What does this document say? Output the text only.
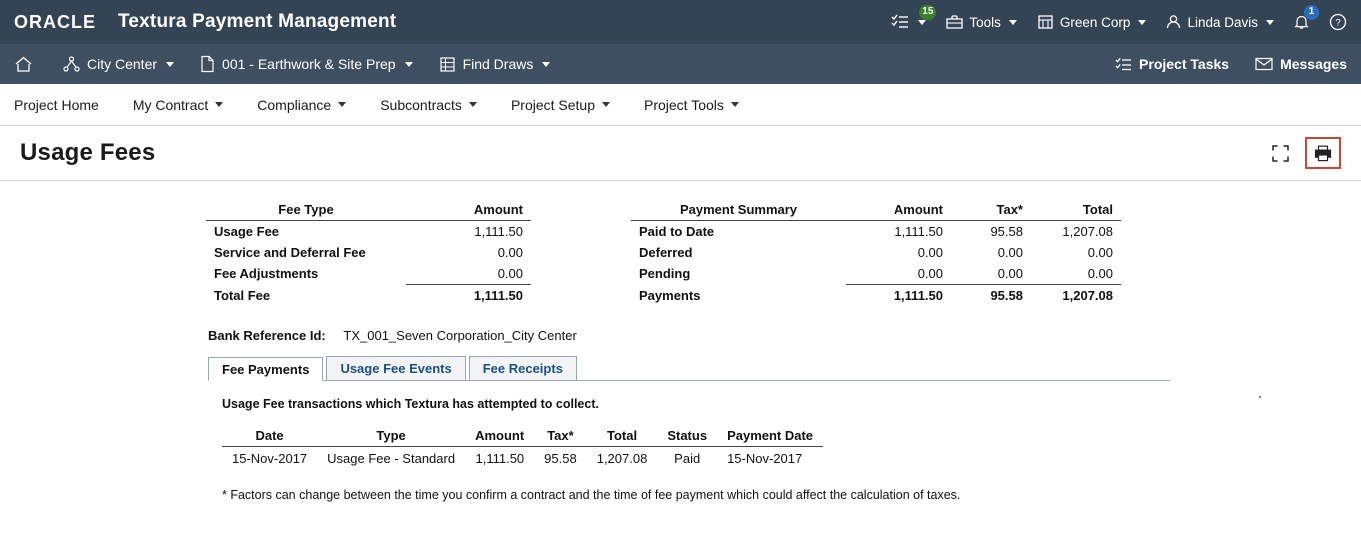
ORACLE Textura Payment Management	15
Tools	Green Corp	Linda Davis
1
?
City Center	001 - Earthwork & Site Prep	Find Draws	Project Tasks	Messages
Project Home My Contract	Compliance	Subcontracts	Project Setup	Project Tools
Usage Fees
Fee Type	Amount
Usage Fee	1,111.50
Service and Deferral Fee	0.00
Fee Adjustments	0.00
Total Fee	1,111.50
Payment Summary	Amount	Tax*	Total
Paid to Date	1,111.50	95.58	1,207.08
Deferred	0.00	0.00	0.00
Pending	0.00	0.00	0.00
Payments	1,111.50	95.58	1,207.08
Bank Reference Id: TX_001_Seven Corporation_City Center
Fee Payments	Usage Fee Events	Fee Receipts
Usage Fee transactions which Textura has attempted to collect.
Date	Type	Amount	Tax*	Total	Status	Payment Date
15-Nov-2017	Usage Fee - Standard	1,111.50	95.58	1,207.08	Paid	15-Nov-2017
* Factors can change between the time you confirm a contract and the time of fee payment which could affect the calculation of taxes.
